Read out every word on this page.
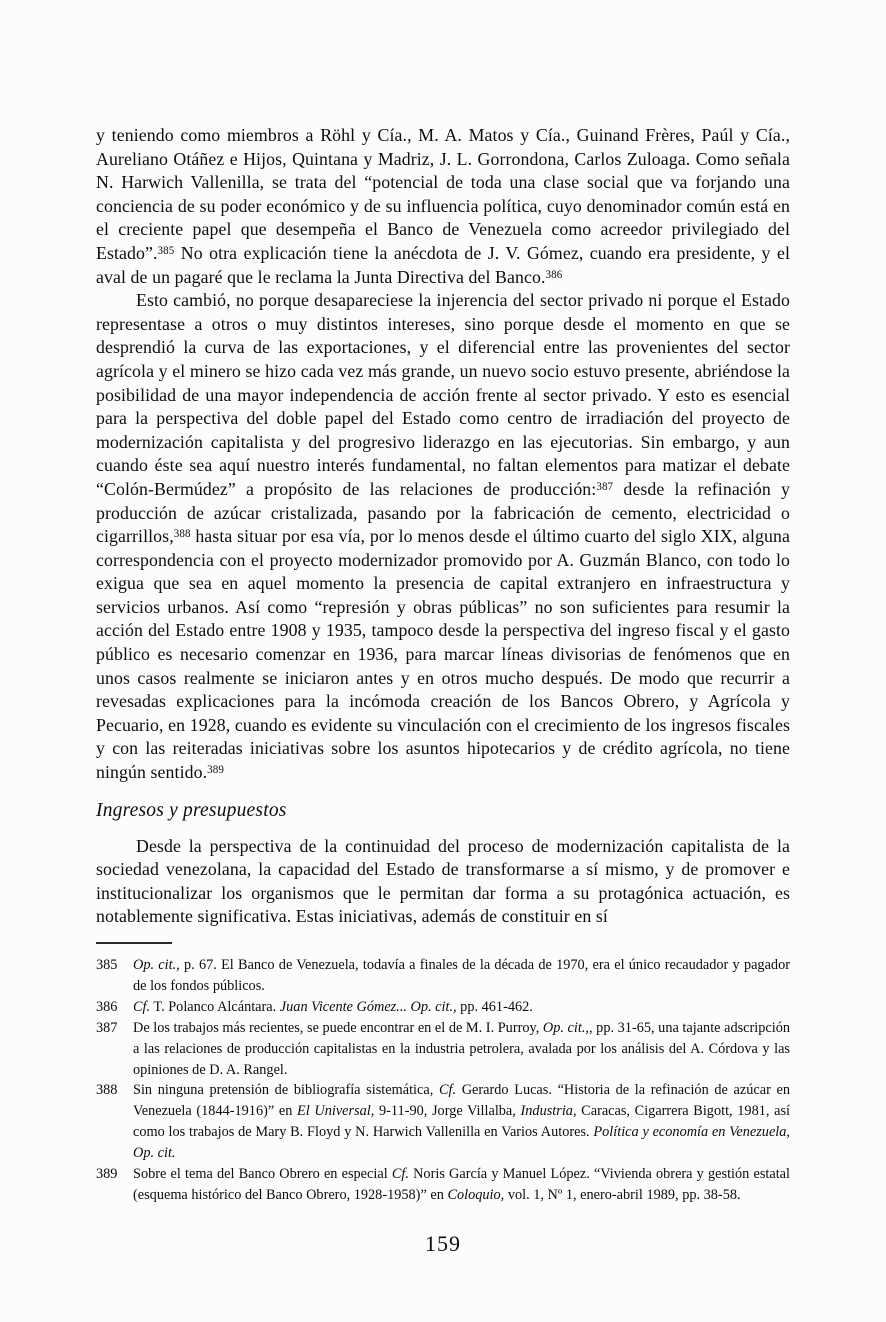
y teniendo como miembros a Röhl y Cía., M. A. Matos y Cía., Guinand Frères, Paúl y Cía., Aureliano Otáñez e Hijos, Quintana y Madriz, J. L. Gorrondona, Carlos Zuloaga. Como señala N. Harwich Vallenilla, se trata del “potencial de toda una clase social que va forjando una conciencia de su poder económico y de su influencia política, cuyo denominador común está en el creciente papel que desempeña el Banco de Venezuela como acreedor privilegiado del Estado”.$^{385}$ No otra explicación tiene la anécdota de J. V. Gómez, cuando era presidente, y el aval de un pagaré que le reclama la Junta Directiva del Banco.$^{386}$

Esto cambió, no porque desapareciese la injerencia del sector privado ni porque el Estado representase a otros o muy distintos intereses, sino porque desde el momento en que se desprendió la curva de las exportaciones, y el diferencial entre las provenientes del sector agrícola y el minero se hizo cada vez más grande, un nuevo socio estuvo presente, abriéndose la posibilidad de una mayor independencia de acción frente al sector privado. Y esto es esencial para la perspectiva del doble papel del Estado como centro de irradiación del proyecto de modernización capitalista y del progresivo liderazgo en las ejecutorias. Sin embargo, y aun cuando éste sea aquí nuestro interés fundamental, no faltan elementos para matizar el debate “Colón-Bermúdez” a propósito de las relaciones de producción:$^{387}$ desde la refinación y producción de azúcar cristalizada, pasando por la fabricación de cemento, electricidad o cigarrillos,$^{388}$ hasta situar por esa vía, por lo menos desde el último cuarto del siglo XIX, alguna correspondencia con el proyecto modernizador promovido por A. Guzmán Blanco, con todo lo exigua que sea en aquel momento la presencia de capital extranjero en infraestructura y servicios urbanos. Así como “represión y obras públicas” no son suficientes para resumir la acción del Estado entre 1908 y 1935, tampoco desde la perspectiva del ingreso fiscal y el gasto público es necesario comenzar en 1936, para marcar líneas divisorias de fenómenos que en unos casos realmente se iniciaron antes y en otros mucho después. De modo que recurrir a revesadas explicaciones para la incómoda creación de los Bancos Obrero, y Agrícola y Pecuario, en 1928, cuando es evidente su vinculación con el crecimiento de los ingresos fiscales y con las reiteradas iniciativas sobre los asuntos hipotecarios y de crédito agrícola, no tiene ningún sentido.$^{389}$

Ingresos y presupuestos

Desde la perspectiva de la continuidad del proceso de modernización capitalista de la sociedad venezolana, la capacidad del Estado de transformarse a sí mismo, y de promover e institucionalizar los organismos que le permitan dar forma a su protagónica actuación, es notablemente significativa. Estas iniciativas, además de constituir en sí

385	Op. cit., p. 67. El Banco de Venezuela, todavía a finales de la década de 1970, era el único recaudador y pagador de los fondos públicos.
386	Cf. T. Polanco Alcántara. Juan Vicente Gómez... Op. cit., pp. 461-462.
387	De los trabajos más recientes, se puede encontrar en el de M. I. Purroy, Op. cit.,, pp. 31-65, una tajante adscripción a las relaciones de producción capitalistas en la industria petrolera, avalada por los análisis del A. Córdova y las opiniones de D. A. Rangel.
388	Sin ninguna pretensión de bibliografía sistemática, Cf. Gerardo Lucas. “Historia de la refinación de azúcar en Venezuela (1844-1916)” en El Universal, 9-11-90, Jorge Villalba, Industria, Caracas, Cigarrera Bigott, 1981, así como los trabajos de Mary B. Floyd y N. Harwich Vallenilla en Varios Autores. Política y economía en Venezuela, Op. cit.
389	Sobre el tema del Banco Obrero en especial Cf. Noris García y Manuel López. “Vivienda obrera y gestión estatal (esquema histórico del Banco Obrero, 1928-1958)” en Coloquio, vol. 1, Nº 1, enero-abril 1989, pp. 38-58.
159
